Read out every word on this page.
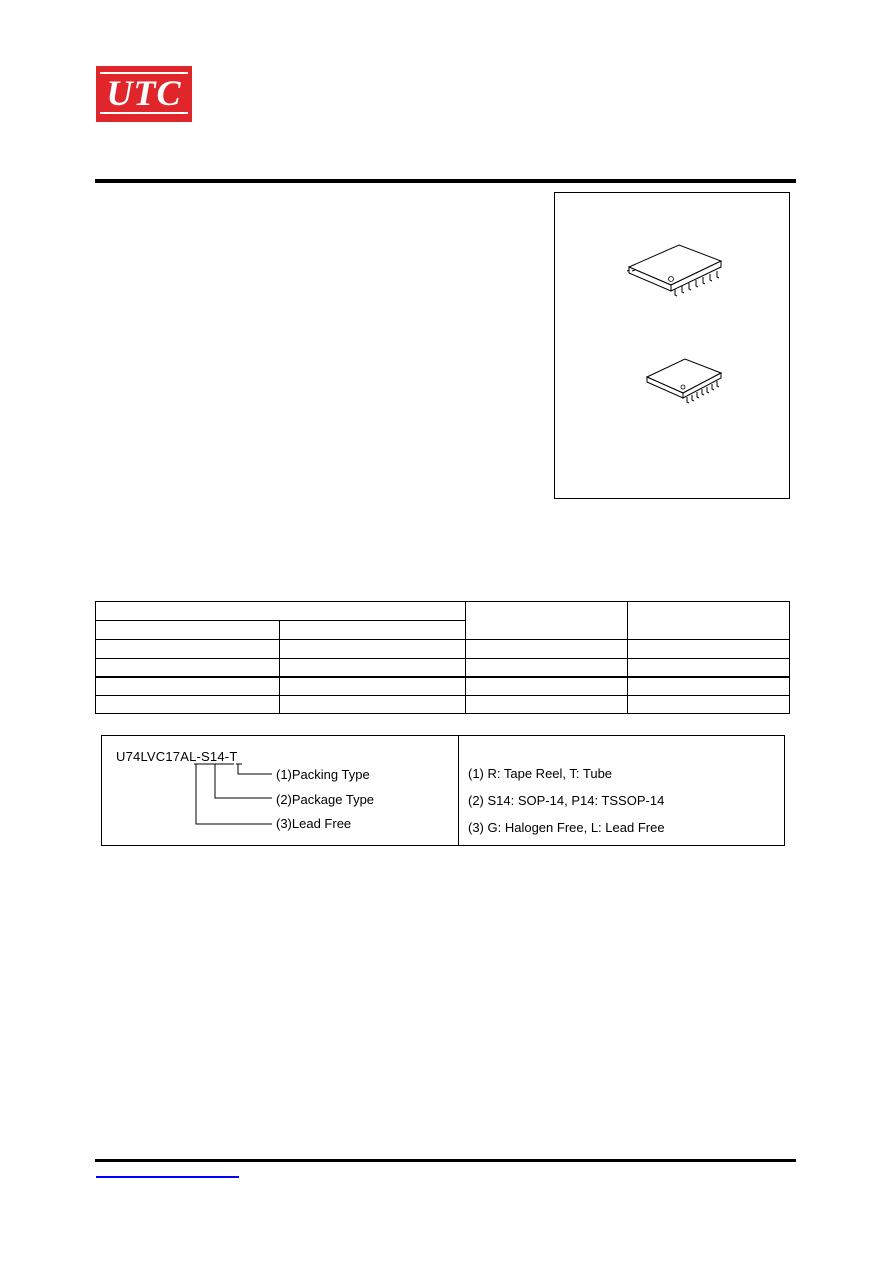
UTC
U74LVC17AL-S14-T
(1)Packing Type
(2)Package Type
(3)Lead Free
(1) R: Tape Reel, T: Tube
(2) S14: SOP-14, P14: TSSOP-14
(3) G: Halogen Free, L: Lead Free
